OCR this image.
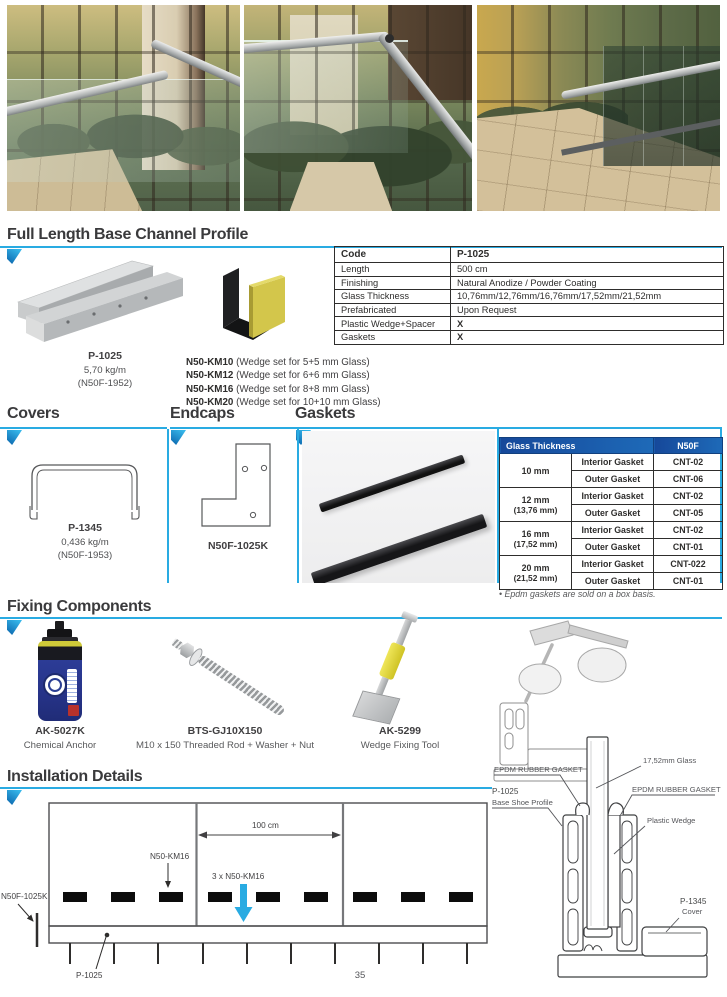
Full Length Base Channel Profile
P-1025
5,70 kg/m
(N50F-1952)
N50-KM10 (Wedge set for 5+5 mm Glass)
N50-KM12 (Wedge set for 6+6 mm Glass)
N50-KM16 (Wedge set for 8+8 mm Glass)
N50-KM20 (Wedge set for 10+10 mm Glass)
Code	P-1025
Length	500 cm
Finishing	Natural Anodize / Powder Coating
Glass Thickness	10,76mm/12,76mm/16,76mm/17,52mm/21,52mm
Prefabricated	Upon Request
Plastic Wedge+Spacer	X
Gaskets	X
Covers	Endcaps	Gaskets
P-1345
0,436 kg/m
(N50F-1953)
N50F-1025K
Glass Thickness		N50F

10 mm	Interior Gasket	CNT-02
	Outer Gasket	CNT-06

12 mm
(13,76 mm)	Interior Gasket	CNT-02
	Outer Gasket	CNT-05

16 mm
(17,52 mm)	Interior Gasket	CNT-02
	Outer Gasket	CNT-01

20 mm
(21,52 mm)	Interior Gasket	CNT-022
	Outer Gasket	CNT-01
• Epdm gaskets are sold on a box basis.
Fixing Components
AK-5027K
Chemical Anchor
BTS-GJ10X150
M10 x 150 Threaded Rod + Washer + Nut
AK-5299
Wedge Fixing Tool
17,52mm Glass
EPDM RUBBER GASKET
EPDM RUBBER GASKET
P-1025
Base Shoe Profile
Plastic Wedge
P-1345
Cover
Installation Details
100 cm
N50F-1025K
N50-KM16
3 x N50-KM16
P-1025	35
